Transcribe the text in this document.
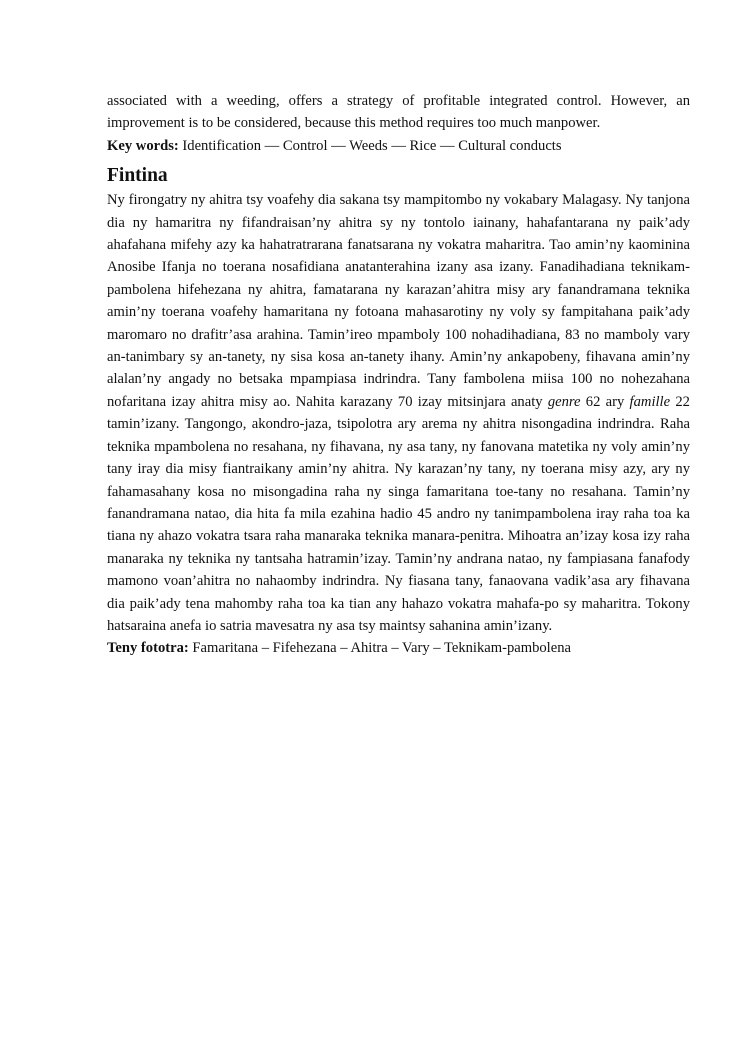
associated with a weeding, offers a strategy of profitable integrated control. However, an improvement is to be considered, because this method requires too much manpower.

Key words: Identification — Control — Weeds — Rice — Cultural conducts

Fintina

Ny firongatry ny ahitra tsy voafehy dia sakana tsy mampitombo ny vokabary Malagasy. Ny tanjona dia ny hamaritra ny fifandraisan’ny ahitra sy ny tontolo iainany, hahafantarana ny paik’ady ahafahana mifehy azy ka hahatratrarana fanatsarana ny vokatra maharitra. Tao amin’ny kaominina Anosibe Ifanja no toerana nosafidiana anatanterahina izany asa izany. Fanadihadiana teknikam-pambolena hifehezana ny ahitra, famatarana ny karazan’ahitra misy ary fanandramana teknika amin’ny toerana voafehy hamaritana ny fotoana mahasarotiny ny voly sy fampitahana paik’ady maromaro no drafitr’asa arahina. Tamin’ireo mpamboly 100 nohadihadiana, 83 no mamboly vary an-tanimbary sy an-tanety, ny sisa kosa an-tanety ihany. Amin’ny ankapobeny, fihavana amin’ny alalan’ny angady no betsaka mpampiasa indrindra. Tany fambolena miisa 100 no nohezahana nofaritana izay ahitra misy ao. Nahita karazany 70 izay mitsinjara anaty genre 62 ary famille 22 tamin’izany. Tangongo, akondro-jaza, tsipolotra ary arema ny ahitra nisongadina indrindra. Raha teknika mpambolena no resahana, ny fihavana, ny asa tany, ny fanovana matetika ny voly amin’ny tany iray dia misy fiantraikany amin’ny ahitra. Ny karazan’ny tany, ny toerana misy azy, ary ny fahamasahany kosa no misongadina raha ny singa famaritana toe-tany no resahana. Tamin’ny fanandramana natao, dia hita fa mila ezahina hadio 45 andro ny tanimpambolena iray raha toa ka tiana ny ahazo vokatra tsara raha manaraka teknika manara-penitra. Mihoatra an’izay kosa izy raha manaraka ny teknika ny tantsaha hatramin’izay. Tamin’ny andrana natao, ny fampiasana fanafody mamono voan’ahitra no nahaomby indrindra. Ny fiasana tany, fanaovana vadik’asa ary fihavana dia paik’ady tena mahomby raha toa ka tian any hahazo vokatra mahafa-po sy maharitra. Tokony hatsaraina anefa io satria mavesatra ny asa tsy maintsy sahanina amin’izany.

Teny fototra: Famaritana – Fifehezana – Ahitra – Vary – Teknikam-pambolena
